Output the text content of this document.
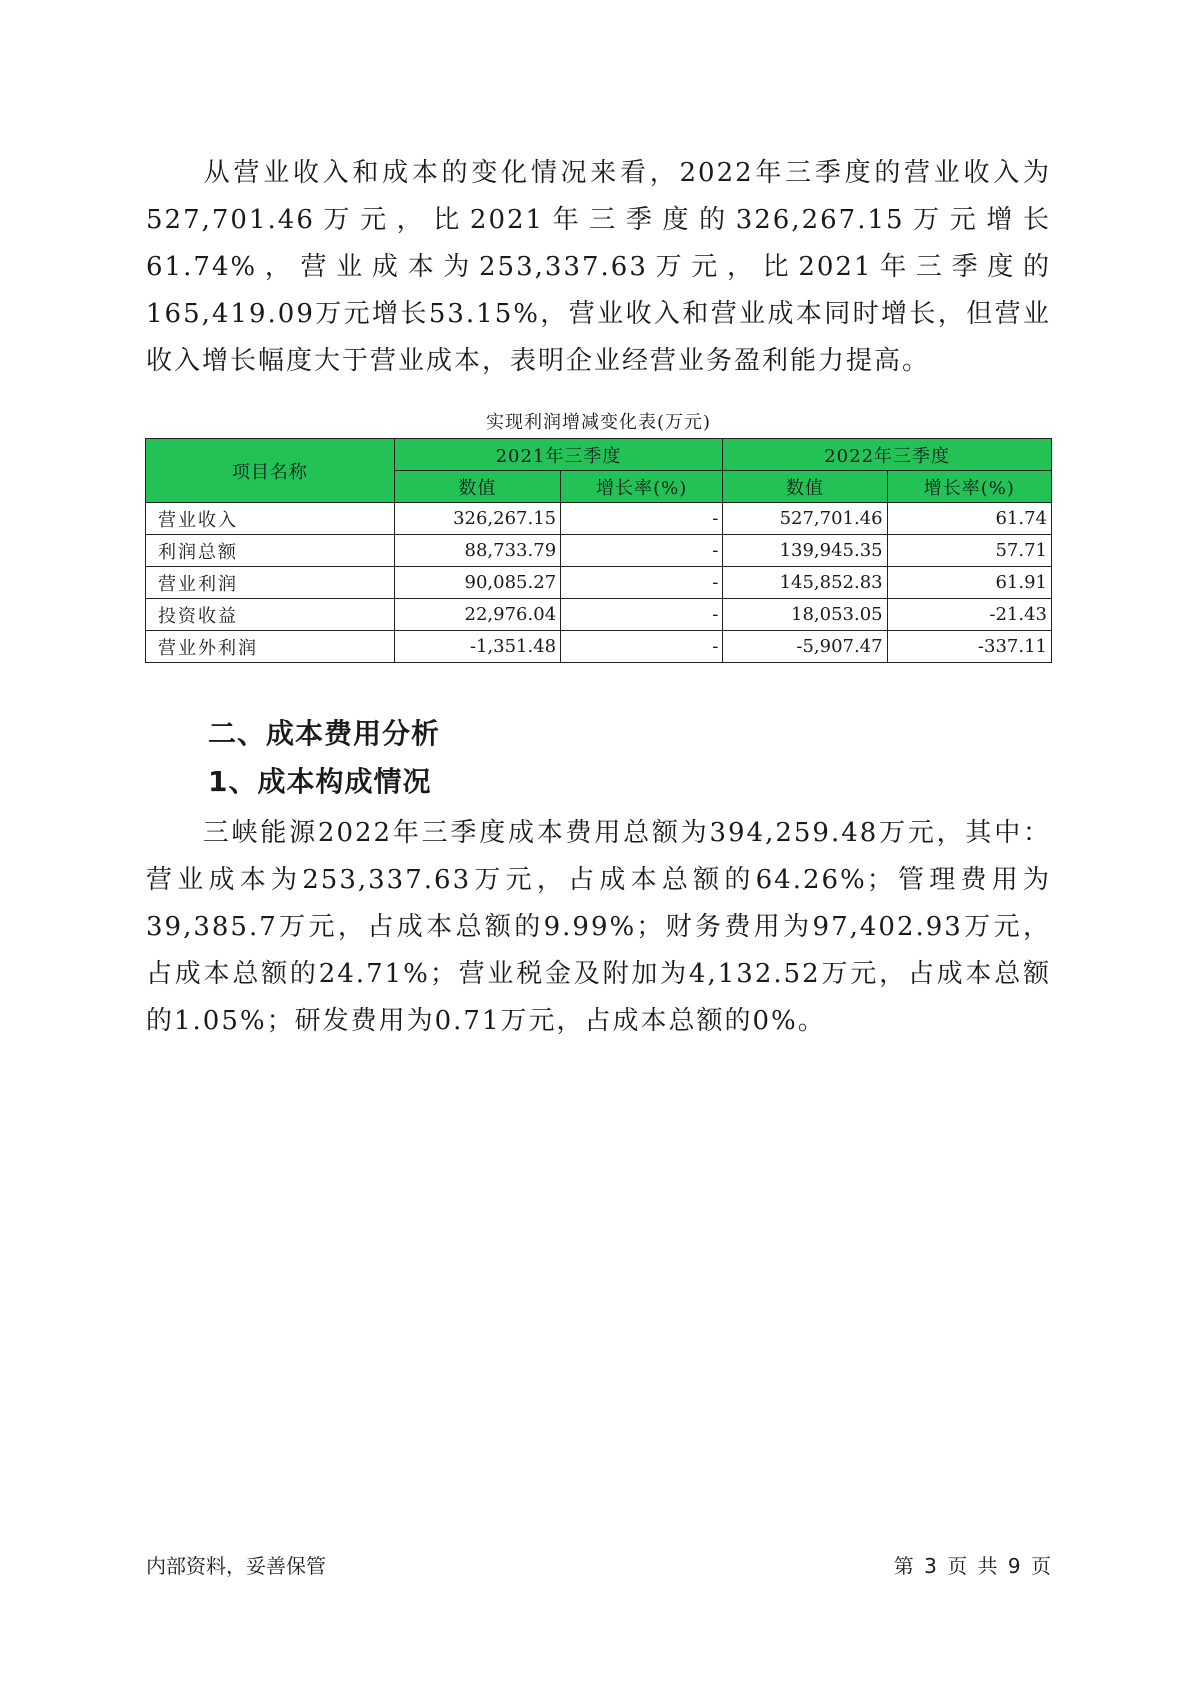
从营业收入和成本的变化情况来看，2022年三季度的营业收入为527,701.46万元，比2021年三季度的326,267.15万元增长61.74%，营业成本为253,337.63万元，比2021年三季度的165,419.09万元增长53.15%，营业收入和营业成本同时增长，但营业收入增长幅度大于营业成本，表明企业经营业务盈利能力提高。

实现利润增减变化表(万元)
项目名称	2021年三季度		2022年三季度	
	数值	增长率(%)	数值	增长率(%)
营业收入	326,267.15	-	527,701.46	61.74
利润总额	88,733.79	-	139,945.35	57.71
营业利润	90,085.27	-	145,852.83	61.91
投资收益	22,976.04	-	18,053.05	-21.43
营业外利润	-1,351.48	-	-5,907.47	-337.11
二、成本费用分析
1、成本构成情况

三峡能源2022年三季度成本费用总额为394,259.48万元，其中：营业成本为253,337.63万元，占成本总额的64.26%；管理费用为39,385.7万元，占成本总额的9.99%；财务费用为97,402.93万元，占成本总额的24.71%；营业税金及附加为4,132.52万元，占成本总额的1.05%；研发费用为0.71万元，占成本总额的0%。

内部资料，妥善保管	第 3 页 共 9 页
